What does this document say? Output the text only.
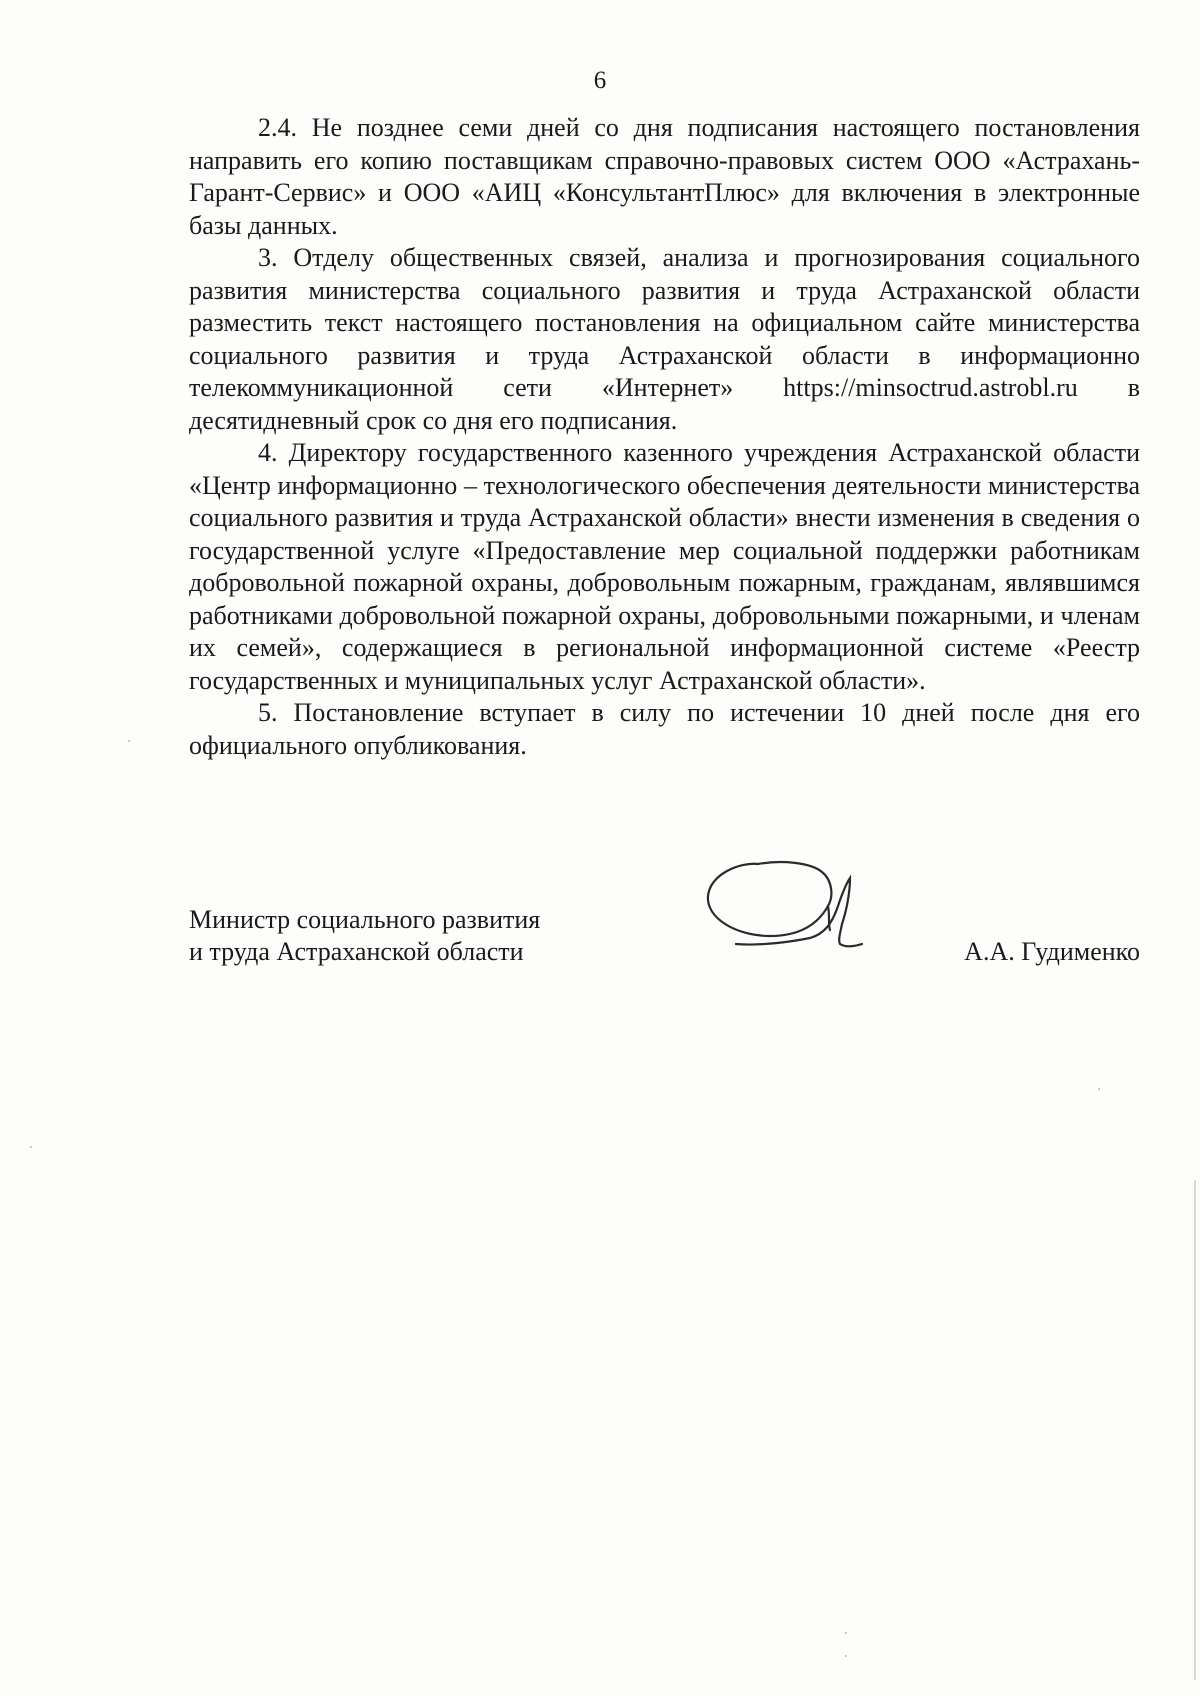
6

2.4. Не позднее семи дней со дня подписания настоящего постановления направить его копию поставщикам справочно-правовых систем ООО «Астрахань-Гарант-Сервис» и ООО «АИЦ «КонсультантПлюс» для включения в электронные базы данных.

3. Отделу общественных связей, анализа и прогнозирования социального развития министерства социального развития и труда Астраханской области разместить текст настоящего постановления на официальном сайте министерства социального развития и труда Астраханской области в информационно телекоммуникационной сети «Интернет» https://minsoctrud.astrobl.ru в десятидневный срок со дня его подписания.

4. Директору государственного казенного учреждения Астраханской области «Центр информационно – технологического обеспечения деятельности министерства социального развития и труда Астраханской области» внести изменения в сведения о государственной услуге «Предоставление мер социальной поддержки работникам добровольной пожарной охраны, добровольным пожарным, гражданам, являвшимся работниками добровольной пожарной охраны, добровольными пожарными, и членам их семей», содержащиеся в региональной информационной системе «Реестр государственных и муниципальных услуг Астраханской области».

5. Постановление вступает в силу по истечении 10 дней после дня его официального опубликования.

Министр социального развития
и труда Астраханской области	А.А. Гудименко
